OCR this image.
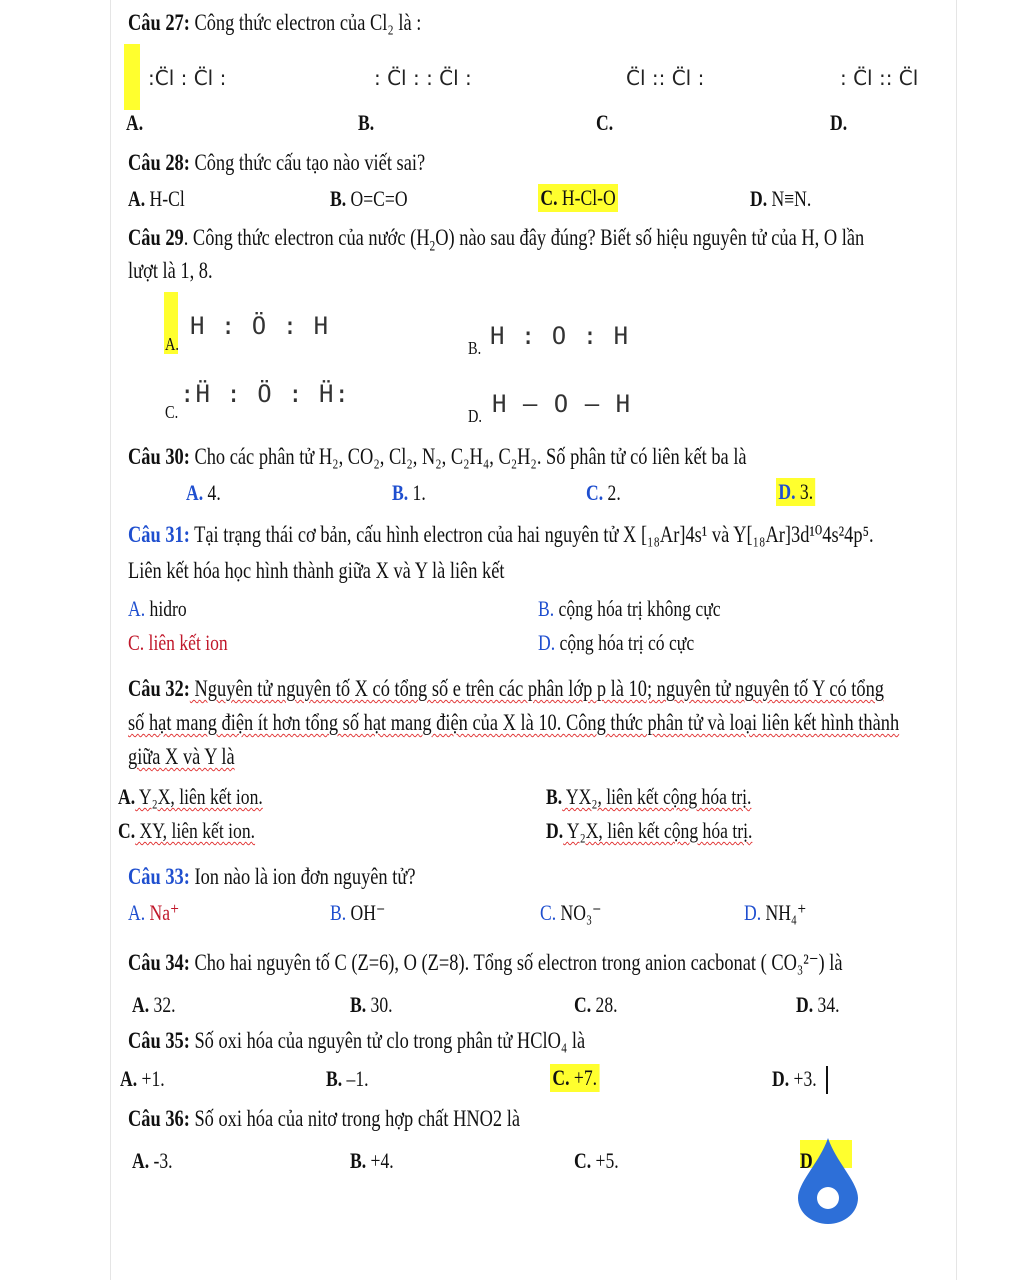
Câu 27: Công thức electron của Cl₂ là :
:C̈l : C̈l :
A.
: C̈l : : C̈l :
B.
C̈l :: C̈l :
C.
: C̈l :: C̈l
D.
Câu 28: Công thức cấu tạo nào viết sai?
A. H-Cl	B. O=C=O	C. H-Cl-O	D. N≡N.
Câu 29. Công thức electron của nước $(H_2O)$ nào sau đây đúng? Biết số hiệu nguyên tử của H, O lần
lượt là 1, 8.
A.
H : Ö : H
B. H : O : H
C.
:Ḧ : Ö : Ḧ:
D. H – O – H
Câu 30: Cho các phân tử H₂, CO₂, Cl₂, N₂, C₂H₄, C₂H₂. Số phân tử có liên kết ba là
A. 4.	B. 1.	C. 2.	D. 3.
Câu 31: Tại trạng thái cơ bản, cấu hình electron của hai nguyên tử X [₁₈Ar]4s¹ và Y[₁₈Ar]3d¹⁰4s²4p⁵.
Liên kết hóa học hình thành giữa X và Y là liên kết
A. hidro	B. cộng hóa trị không cực
C. liên kết ion	D. cộng hóa trị có cực
Câu 32: Nguyên tử nguyên tố X có tổng số e trên các phân lớp p là 10; nguyên tử nguyên tố Y có tổng
số hạt mang điện ít hơn tổng số hạt mang điện của X là 10. Công thức phân tử và loại liên kết hình thành
giữa X và Y là
A. Y₂X, liên kết ion.	B. YX₂, liên kết cộng hóa trị.
C. XY, liên kết ion.	D. Y₂X, liên kết cộng hóa trị.
Câu 33: Ion nào là ion đơn nguyên tử?
A. Na⁺	B. OH⁻	C. NO₃⁻	D. NH₄⁺
Câu 34: Cho hai nguyên tố C (Z=6), O (Z=8). Tổng số electron trong anion cacbonat ( CO₃²⁻) là
A. 32.	B. 30.	C. 28.	D. 34.
Câu 35: Số oxi hóa của nguyên tử clo trong phân tử HClO₄ là
A. +1.	B. –1.	C. +7.	D. +3.
Câu 36: Số oxi hóa của nitơ trong hợp chất HNO2 là
A. -3.	B. +4.	C. +5.	D
